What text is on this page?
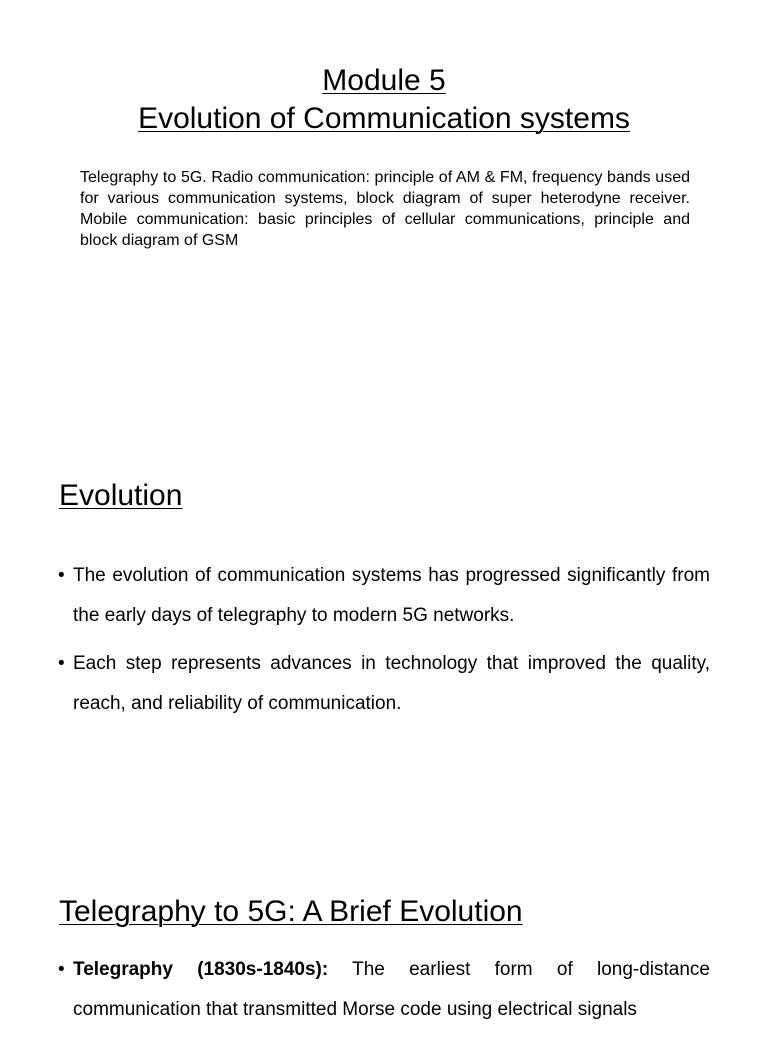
Module 5
Evolution of Communication systems

Telegraphy to 5G. Radio communication: principle of AM & FM, frequency bands used for various communication systems, block diagram of super heterodyne receiver. Mobile communication: basic principles of cellular communications, principle and block diagram of GSM

Evolution
• The evolution of communication systems has progressed significantly from the early days of telegraphy to modern 5G networks.
• Each step represents advances in technology that improved the quality, reach, and reliability of communication.
Telegraphy to 5G: A Brief Evolution
• Telegraphy (1830s-1840s): The earliest form of long-distance communication that transmitted Morse code using electrical signals
